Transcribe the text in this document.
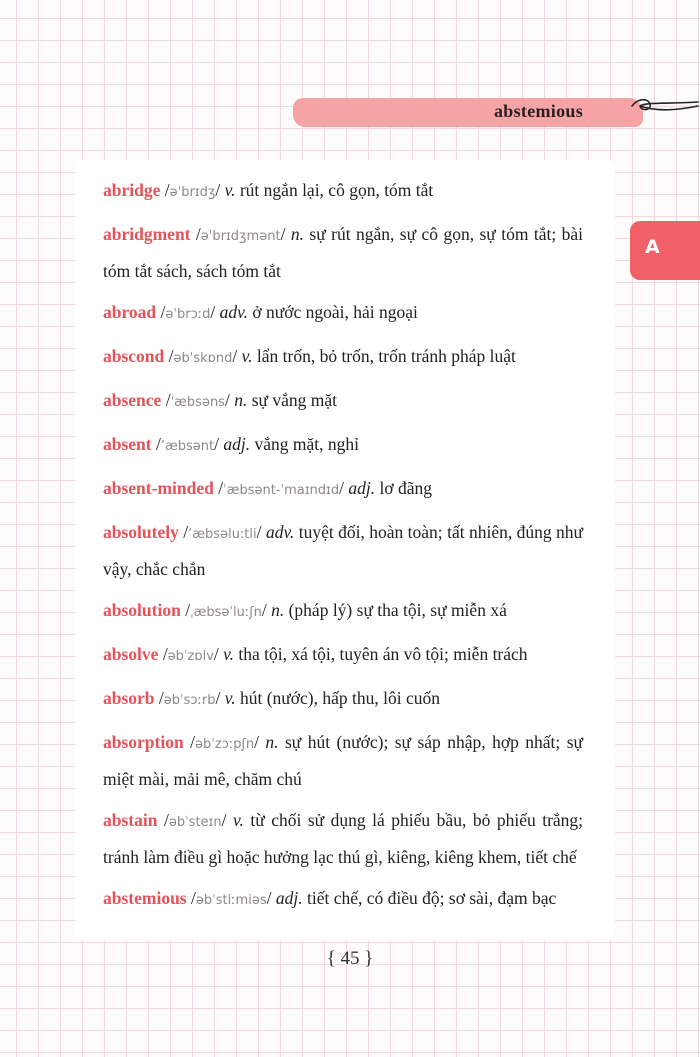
abstemious
A
abridge /əˈbrɪdʒ/ v. rút ngắn lại, cô gọn, tóm tắt
abridgment /əˈbrɪdʒmənt/ n. sự rút ngắn, sự cô gọn, sự tóm tắt; bài tóm tắt sách, sách tóm tắt
abroad /əˈbrɔːd/ adv. ở nước ngoài, hải ngoại
abscond /əbˈskɒnd/ v. lẩn trốn, bỏ trốn, trốn tránh pháp luật
absence /ˈæbsəns/ n. sự vắng mặt
absent /’æbsənt/ adj. vắng mặt, nghỉ
absent-minded /ˈæbsənt-ˈmaɪndɪd/ adj. lơ đãng
absolutely /’æbsəlu:tli/ adv. tuyệt đối, hoàn toàn; tất nhiên, đúng như vậy, chắc chắn
absolution /ˌæbsəˈluːʃn/ n. (pháp lý) sự tha tội, sự miễn xá
absolve /əbˈzɒlv/ v. tha tội, xá tội, tuyên án vô tội; miễn trách
absorb /əbˈsɔːrb/ v. hút (nước), hấp thu, lôi cuốn
absorption /əbˈzɔːpʃn/ n. sự hút (nước); sự sáp nhập, hợp nhất; sự miệt mài, mải mê, chăm chú
abstain /əbˈsteɪn/ v. từ chối sử dụng lá phiếu bầu, bỏ phiếu trắng; tránh làm điều gì hoặc hưởng lạc thú gì, kiêng, kiêng khem, tiết chế
abstemious /əbˈstiːmiəs/ adj. tiết chế, có điều độ; sơ sài, đạm bạc
{ 45 }
